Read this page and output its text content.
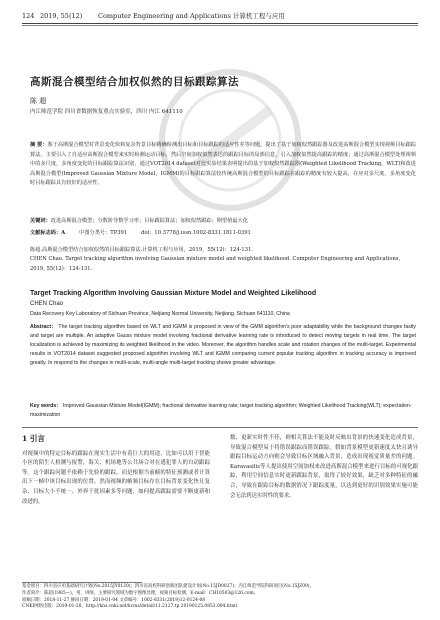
124 2019, 55(12)	Computer Engineering and Applications 计算机工程与应用
高斯混合模型结合加权似然的目标跟踪算法
陈 超
内江师范学院 四川省数据恢复重点实验室，四川 内江 641110
摘 要：鉴于高斯混合模型对背景变化快和复杂背景目标精确检测出目标和目标跟踪的适应性差等问题，提出了基于加权似然跟踪器及改进高斯混合模型实现视频目标跟踪算法，主要引入了自适应高斯混合模型来实时检测运动目标，然后空间加权似然表达的跟踪目标的局部信息，引入加权似然提高跟踪的精度；通过高斯混合模型处理视频中的多尺度，多角度变化的目标跟踪算法识别，通过VOT2014 dataset对比实验结果表明提出的基于加权似然跟踪器(Weighted Likelihood Tracking，WLT)和改进高斯混合模型(Improved Gaussian Mixture Model，IGMM)的目标跟踪算法较传统高斯混合模型的目标跟踪在跟踪的精度有较大提高，在应对多尺度、多角度变化时目标跟踪具有较好的适应性。
关键词：改进高斯混合模型；分数阶导数学习率；目标跟踪算法；加权似然跟踪；期望值最大化
文献标志码：A	中图分类号：TP391	doi：10.3778/j.issn.1002-8331.1811-0391
陈超.高斯混合模型结合加权似然的目标跟踪算法.计算机工程与应用，2019，55(12)：124-131.
CHEN Chao. Target tracking algorithm involving Gaussian mixture model and weighted likelihood. Computer Engineering and Applications, 2019, 55(12)：124-131.
Target Tracking Algorithm Involving Gaussian Mixture Model and Weighted Likelihood
CHEN Chao
Data Recovery Key Laboratory of Sichuan Province, Neijiang Normal University, Neijiang, Sichuan 641110, China
Abstract： The target tracking algorithm based on WLT and IGMM is proposed in view of the GMM algorithm's poor adaptability while the background changes fastly and target are multiple. An adaptive Gauss mixture model involving fractional derivative learning rate is introduced to detect moving targets in real time. The target localization is achieved by maximizing its weighted likelihood in the video. Moreover, the algorithm handles scale and rotation changes of the multi-target. Experimental results in VOT2014 dataset suggested proposed algorithm involving WLT and IGMM comparing current popular tracking algorithm in tracking accuracy is improved greatly. In respond to the changes in multi-scale, multi-angle multi-target tracking shows greater advantage.
Key words： Improved Gaussian Mixture Model(IGMM); fractional derivative learning rate; target tracking algorithm; Weighted Likelihood Tracking(WLT); expectation-maximization
1 引言
对视频中的特定目标的跟踪在现实生活中有着巨大的用途，比如可以用于智能小区的陌生人检测与报警，海关、机场地等公共场合对在逃犯罪人的自动跟踪等。这个跟踪问题不依赖于先验的跟踪，而是根据当前帧的特征预测或者计算出下一帧中该目标出现的位置。然而视频的帧频目标存在目标背景变化快且复杂、目标大小不统一、外界干扰因素多等问题，如何提高跟踪需要不断更新和改进的。
数、更新实时性不佳，则相关算法不能及时反映出背景的快速变化造成背景，导致混合模型易于将错误跟踪而错误跟踪。假如背景模型更新速度太快且诱导跟踪目标运动方向则会导致目标区域融入背景，造成出现视觉质量差的问题。Karavasilis等人提出使用空间加权来改进高斯混合模型来进行目标的可视化跟踪，利用空间信息实时更新跟踪背景，取得了较好效果，缺乏对多种特征的融合，导致在跟踪目标的数据情况下跟踪度量，以达到更好的识别效果实施可能会无法到达实时性的要求。
基金项目：四川省应用基础研究计划(No.2015JY0120)；四川省高校科研创新团队建设计划(No.15JD0027)；内江师范学院科研项目(No.15JZ09)。
作者简介：陈超(1985—)，男，讲师，主要研究领域为数字图像处理，视频目标检测，E-mail：CH10503@126.com。
收稿日期：2018-11-27 修回日期：2019-01-04 文章编号：1002-8331(2019)12-0124-08
CNKI网络出版：2019-01-28，http://kns.cnki.net/kcms/detail/11.2127.tp.20190125.0853.004.html
